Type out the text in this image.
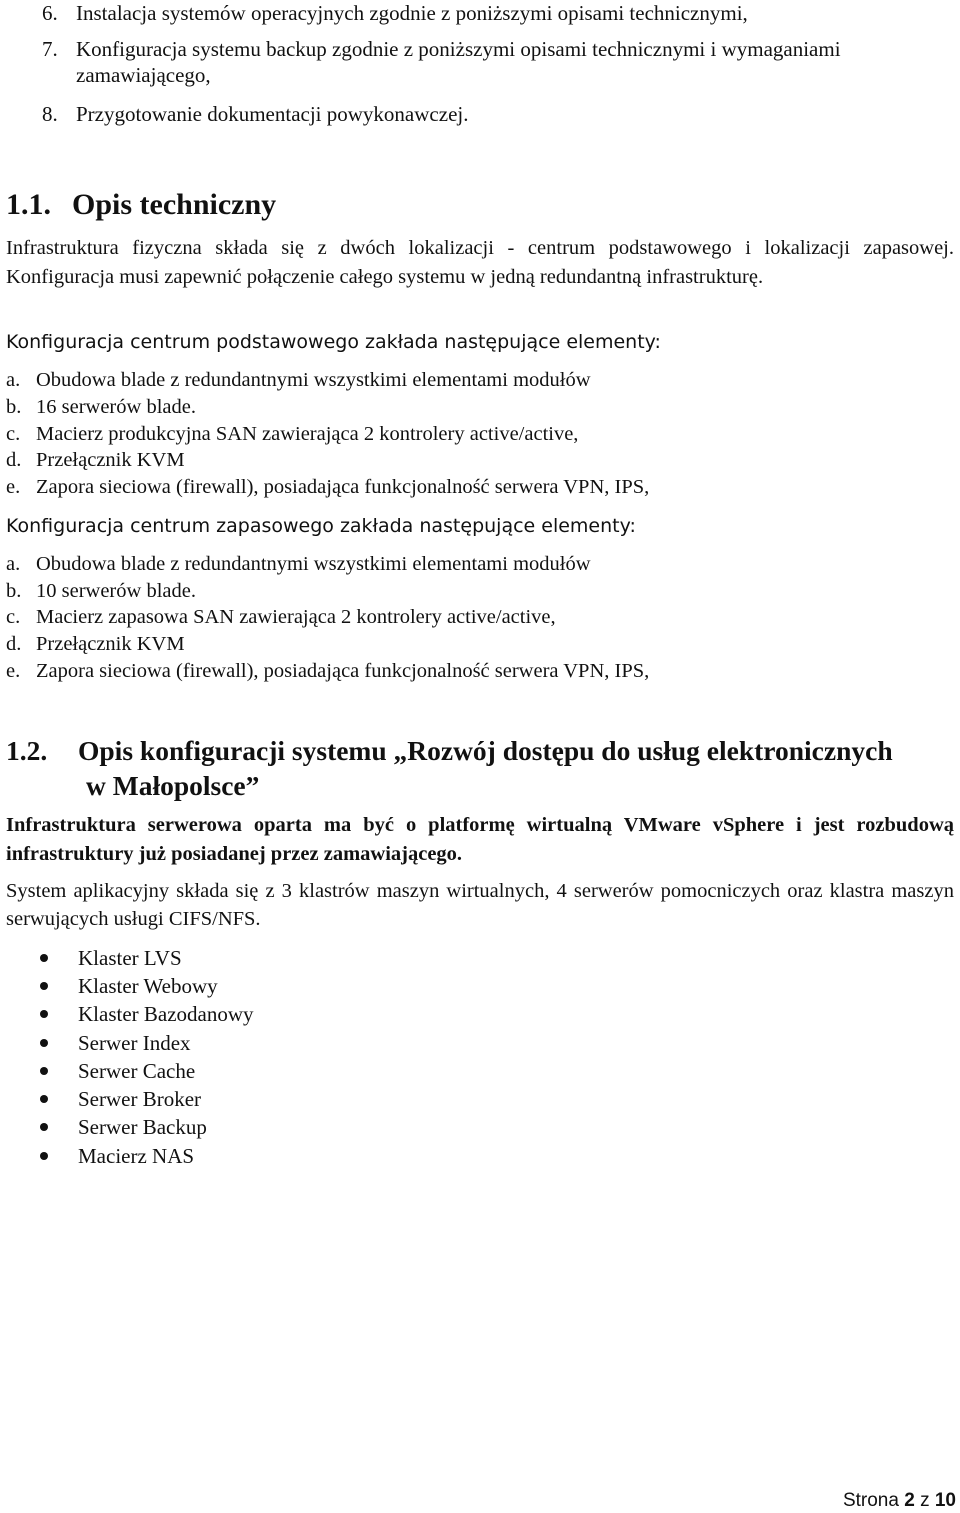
6. Instalacja systemów operacyjnych zgodnie z poniższymi opisami technicznymi,
7. Konfiguracja systemu backup zgodnie z poniższymi opisami technicznymi i wymaganiami
zamawiającego,
8. Przygotowanie dokumentacji powykonawczej.
1.1. Opis techniczny

Infrastruktura fizyczna składa się z dwóch lokalizacji - centrum podstawowego i lokalizacji zapasowej. Konfiguracja musi zapewnić połączenie całego systemu w jedną redundantną infrastrukturę.

Konfiguracja centrum podstawowego zakłada następujące elementy:
a. Obudowa blade z redundantnymi wszystkimi elementami modułów
b. 16 serwerów blade.
c. Macierz produkcyjna SAN zawierająca 2 kontrolery active/active,
d. Przełącznik KVM
e. Zapora sieciowa (firewall), posiadająca funkcjonalność serwera VPN, IPS,
Konfiguracja centrum zapasowego zakłada następujące elementy:
a. Obudowa blade z redundantnymi wszystkimi elementami modułów
b. 10 serwerów blade.
c. Macierz zapasowa SAN zawierająca 2 kontrolery active/active,
d. Przełącznik KVM
e. Zapora sieciowa (firewall), posiadająca funkcjonalność serwera VPN, IPS,
1.2. Opis konfiguracji systemu „Rozwój dostępu do usług elektronicznych
w Małopolsce”

Infrastruktura serwerowa oparta ma być o platformę wirtualną VMware vSphere i jest rozbudową infrastruktury już posiadanej przez zamawiającego.

System aplikacyjny składa się z 3 klastrów maszyn wirtualnych, 4 serwerów pomocniczych oraz klastra maszyn serwujących usługi CIFS/NFS.

Klaster LVS
Klaster Webowy
Klaster Bazodanowy
Serwer Index
Serwer Cache
Serwer Broker
Serwer Backup
Macierz NAS
Strona 2 z 10
